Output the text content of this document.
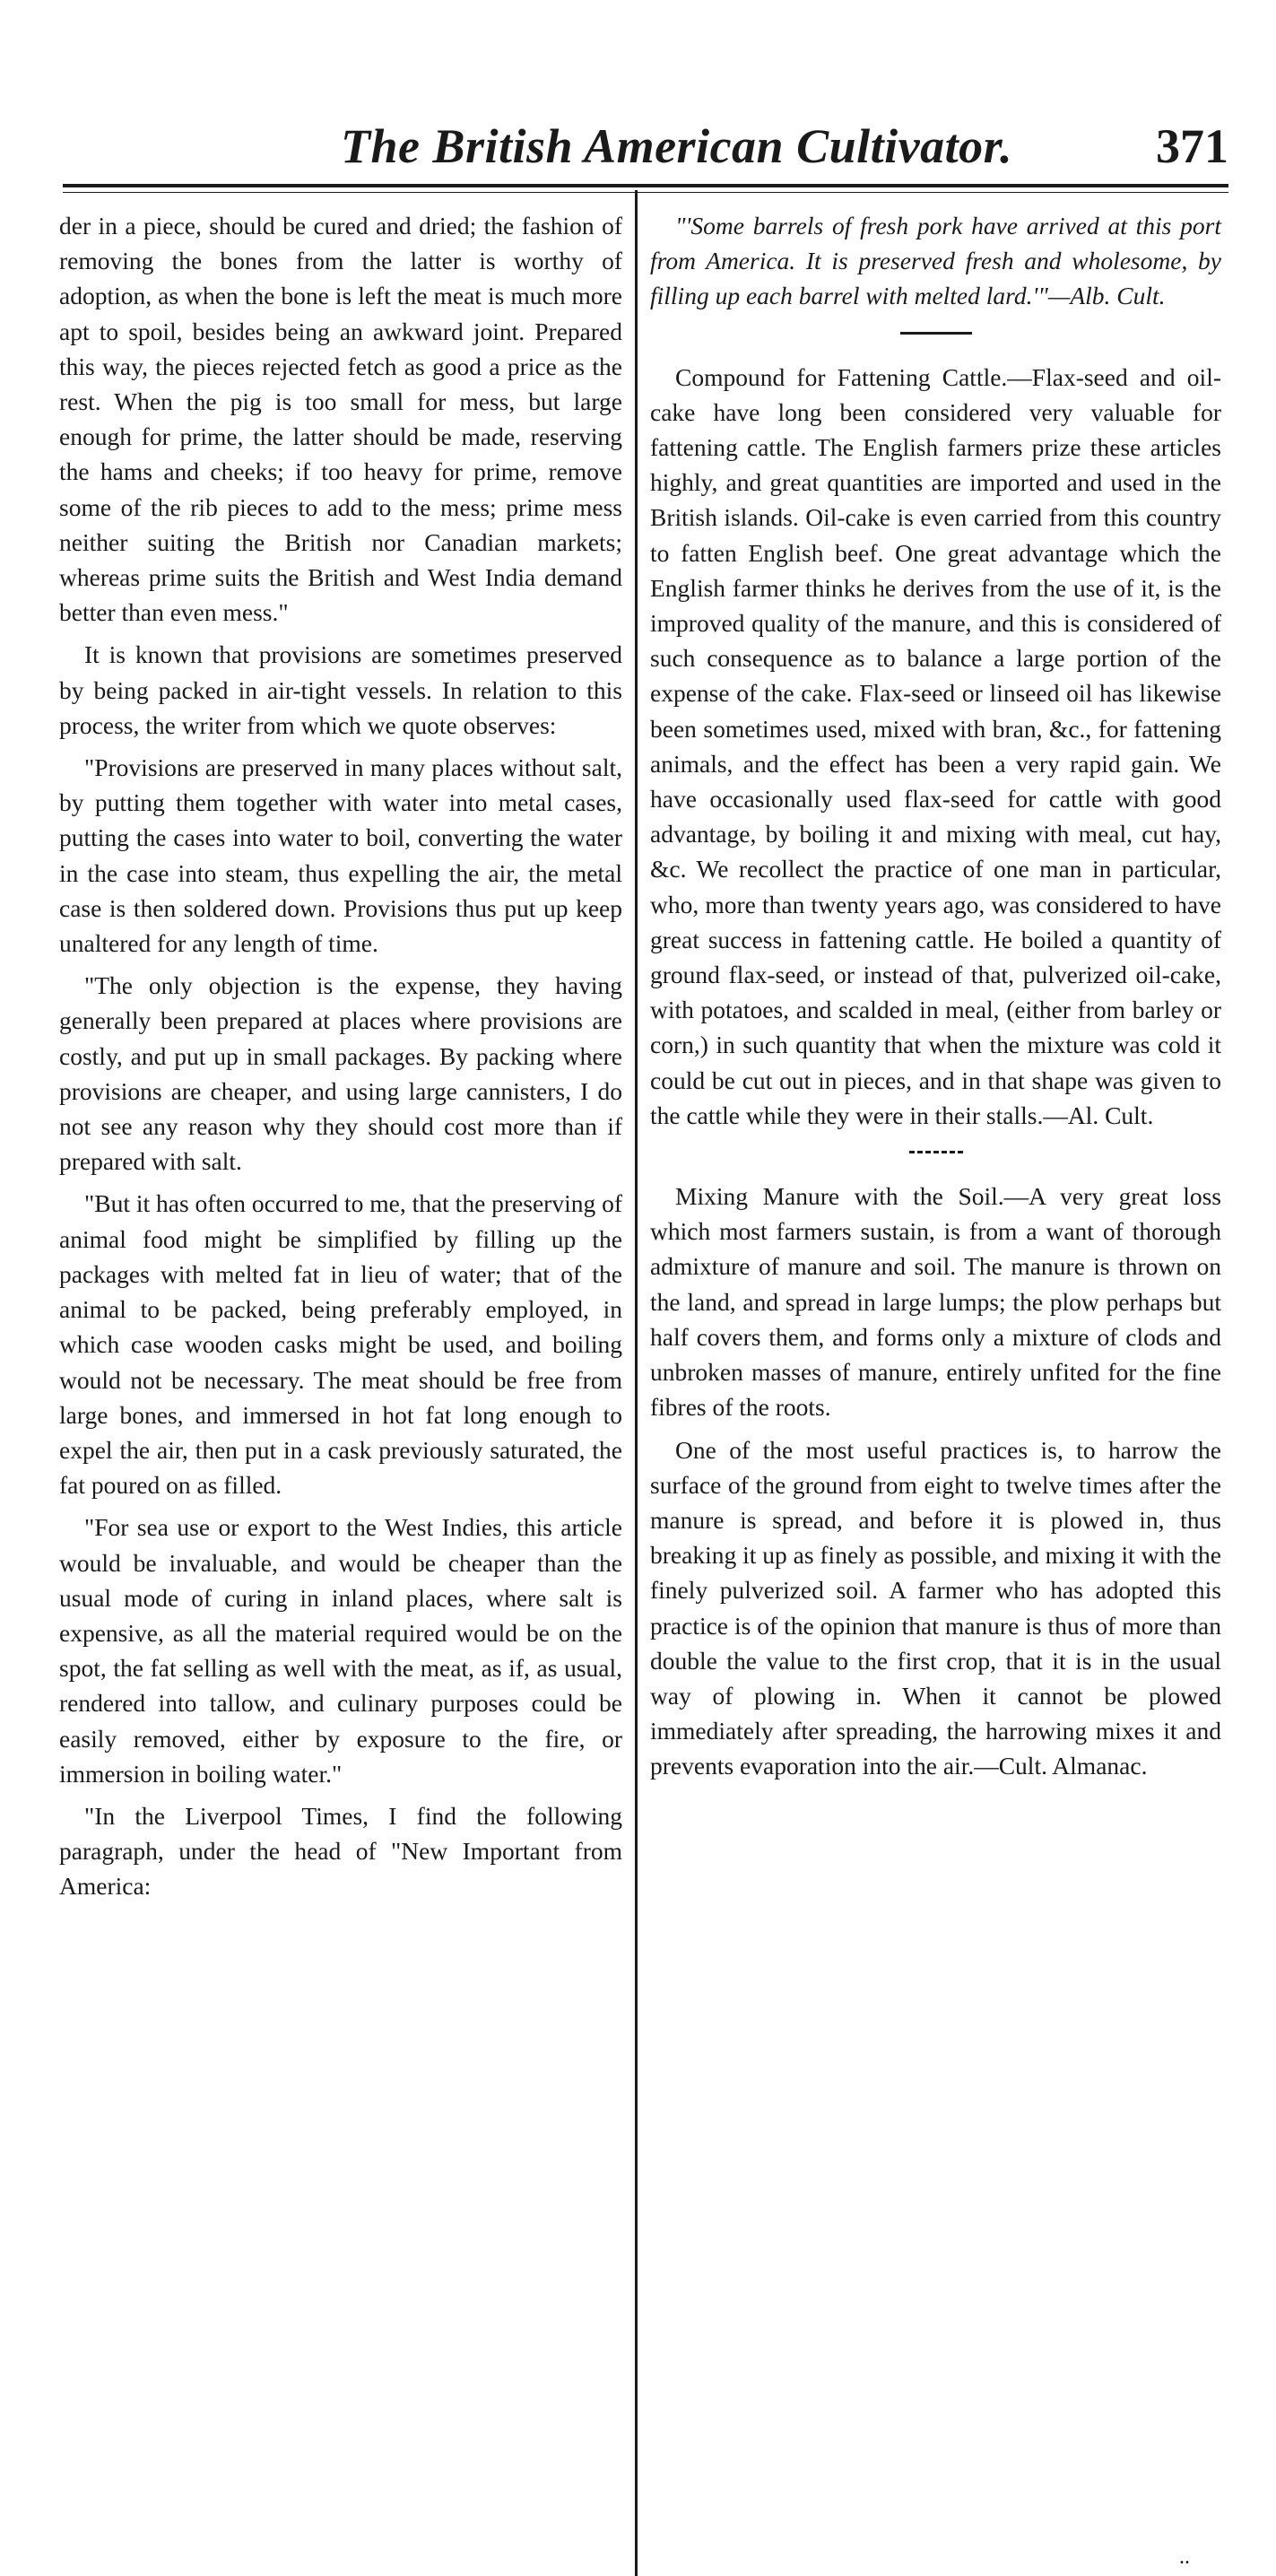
The British American Cultivator.	371

der in a piece, should be cured and dried; the fashion of removing the bones from the latter is worthy of adoption, as when the bone is left the meat is much more apt to spoil, besides being an awkward joint. Prepared this way, the pieces rejected fetch as good a price as the rest. When the pig is too small for mess, but large enough for prime, the latter should be made, reserving the hams and cheeks; if too heavy for prime, remove some of the rib pieces to add to the mess; prime mess neither suiting the British nor Canadian markets; whereas prime suits the British and West India demand better than even mess."

It is known that provisions are sometimes preserved by being packed in air-tight vessels. In relation to this process, the writer from which we quote observes:

"Provisions are preserved in many places without salt, by putting them together with water into metal cases, putting the cases into water to boil, converting the water in the case into steam, thus expelling the air, the metal case is then soldered down. Provisions thus put up keep unaltered for any length of time.

"The only objection is the expense, they having generally been prepared at places where provisions are costly, and put up in small packages. By packing where provisions are cheaper, and using large cannisters, I do not see any reason why they should cost more than if prepared with salt.

"But it has often occurred to me, that the preserving of animal food might be simplified by filling up the packages with melted fat in lieu of water; that of the animal to be packed, being preferably employed, in which case wooden casks might be used, and boiling would not be necessary. The meat should be free from large bones, and immersed in hot fat long enough to expel the air, then put in a cask previously saturated, the fat poured on as filled.

"For sea use or export to the West Indies, this article would be invaluable, and would be cheaper than the usual mode of curing in inland places, where salt is expensive, as all the material required would be on the spot, the fat selling as well with the meat, as if, as usual, rendered into tallow, and culinary purposes could be easily removed, either by exposure to the fire, or immersion in boiling water."

"In the Liverpool Times, I find the following paragraph, under the head of "New Important from America:

"'Some barrels of fresh pork have arrived at this port from America. It is preserved fresh and wholesome, by filling up each barrel with melted lard.'"—Alb. Cult.

Compound for Fattening Cattle.—Flax-seed and oil-cake have long been considered very valuable for fattening cattle. The English farmers prize these articles highly, and great quantities are imported and used in the British islands. Oil-cake is even carried from this country to fatten English beef. One great advantage which the English farmer thinks he derives from the use of it, is the improved quality of the manure, and this is considered of such consequence as to balance a large portion of the expense of the cake. Flax-seed or linseed oil has likewise been sometimes used, mixed with bran, &c., for fattening animals, and the effect has been a very rapid gain. We have occasionally used flax-seed for cattle with good advantage, by boiling it and mixing with meal, cut hay, &c. We recollect the practice of one man in particular, who, more than twenty years ago, was considered to have great success in fattening cattle. He boiled a quantity of ground flax-seed, or instead of that, pulverized oil-cake, with potatoes, and scalded in meal, (either from barley or corn,) in such quantity that when the mixture was cold it could be cut out in pieces, and in that shape was given to the cattle while they were in their stalls.—Al. Cult.

Mixing Manure with the Soil.—A very great loss which most farmers sustain, is from a want of thorough admixture of manure and soil. The manure is thrown on the land, and spread in large lumps; the plow perhaps but half covers them, and forms only a mixture of clods and unbroken masses of manure, entirely unfited for the fine fibres of the roots.

One of the most useful practices is, to harrow the surface of the ground from eight to twelve times after the manure is spread, and before it is plowed in, thus breaking it up as finely as possible, and mixing it with the finely pulverized soil. A farmer who has adopted this practice is of the opinion that manure is thus of more than double the value to the first crop, that it is in the usual way of plowing in. When it cannot be plowed immediately after spreading, the harrowing mixes it and prevents evaporation into the air.—Cult. Almanac.

..
